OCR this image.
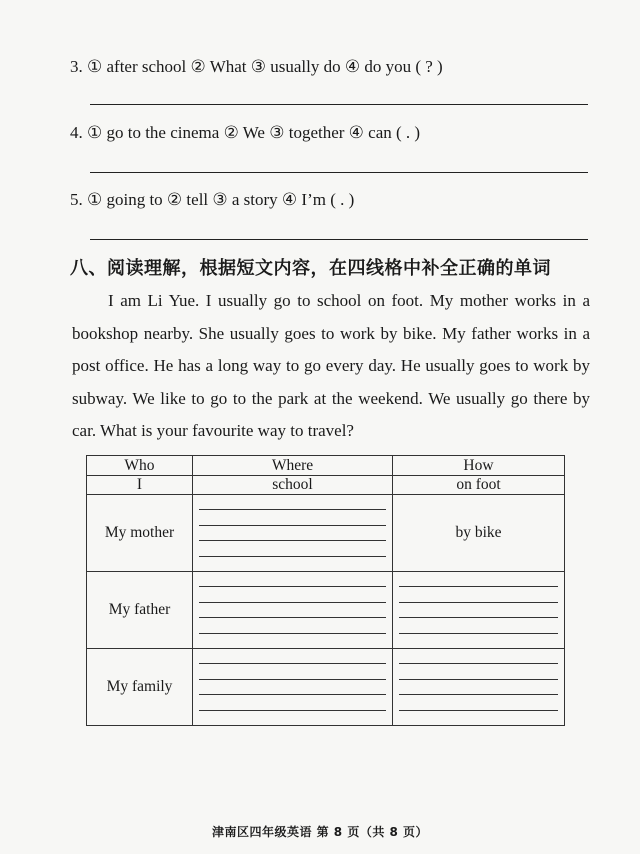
3. ① after school ② What ③ usually do ④ do you ( ? )
4. ① go to the cinema ② We ③ together ④ can ( . )
5. ① going to ② tell ③ a story ④ I’m ( . )
八、阅读理解，根据短文内容，在四线格中补全正确的单词

I am Li Yue. I usually go to school on foot. My mother works in a bookshop nearby. She usually goes to work by bike. My father works in a post office. He has a long way to go every day. He usually goes to work by subway. We like to go to the park at the weekend. We usually go there by car. What is your favourite way to travel?

Who	Where	How
I	school	on foot
My mother		by bike
My father	

My family	

津南区四年级英语 第 8 页（共 8 页）
